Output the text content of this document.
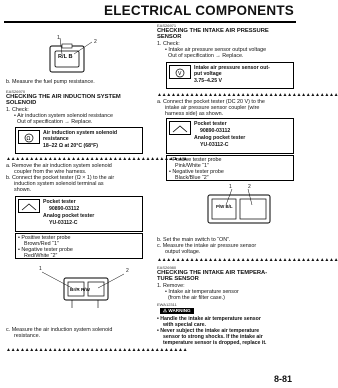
ELECTRICAL COMPONENTS
1
2
R/L B
b. Measure the fuel pump resistance.
EAS26970
CHECKING THE AIR INDUCTION SYSTEM
SOLENOID
1. Check:
• Air induction system solenoid resistance
Out of specification → Replace.
Ω
Air induction system solenoid
resistance
18–22 Ω at 20°C (68°F)
▲▲▲▲▲▲▲▲▲▲▲▲▲▲▲▲▲▲▲▲▲▲▲▲▲▲▲▲▲▲▲▲▲▲▲▲▲▲▲
a. Remove the air induction system solenoid
coupler from the wire harness.
b. Connect the pocket tester (Ω × 1) to the air
induction system solenoid terminal as
shown.
Pocket tester
90890-03112
Analog pocket tester
YU-03112-C
• Positive tester probe
Brown/Red “1”
• Negative tester probe
Red/White “2”
1	2
Br/R R/W
c. Measure the air induction system solenoid
resistance.
▲▲▲▲▲▲▲▲▲▲▲▲▲▲▲▲▲▲▲▲▲▲▲▲▲▲▲▲▲▲▲▲▲▲▲▲▲▲▲
EAS26971
CHECKING THE INTAKE AIR PRESSURE
SENSOR
1. Check:
• Intake air pressure sensor output voltage
Out of specification → Replace.
V
Intake air pressure sensor out-
put voltage
3.75–4.25 V
▲▲▲▲▲▲▲▲▲▲▲▲▲▲▲▲▲▲▲▲▲▲▲▲▲▲▲▲▲▲▲▲▲▲▲▲▲▲▲
a. Connect the pocket tester (DC 20 V) to the
intake air pressure sensor coupler (wire
harness side) as shown.
Pocket tester
90890-03112
Analog pocket tester
YU-03112-C
• Positive tester probe
Pink/White “1”
• Negative tester probe
Black/Blue “2”
1	2
P/W B/L
b. Set the main switch to “ON”.
c. Measure the intake air pressure sensor
output voltage.
▲▲▲▲▲▲▲▲▲▲▲▲▲▲▲▲▲▲▲▲▲▲▲▲▲▲▲▲▲▲▲▲▲▲▲▲▲▲▲
EAS26980
CHECKING THE INTAKE AIR TEMPERA-
TURE SENSOR
1. Remove:
• Intake air temperature sensor
(from the air filter case.)
EWA12311
⚠ WARNING
• Handle the intake air temperature sensor
with special care.
• Never subject the intake air temperature
sensor to strong shocks. If the intake air
temperature sensor is dropped, replace it.
8-81
